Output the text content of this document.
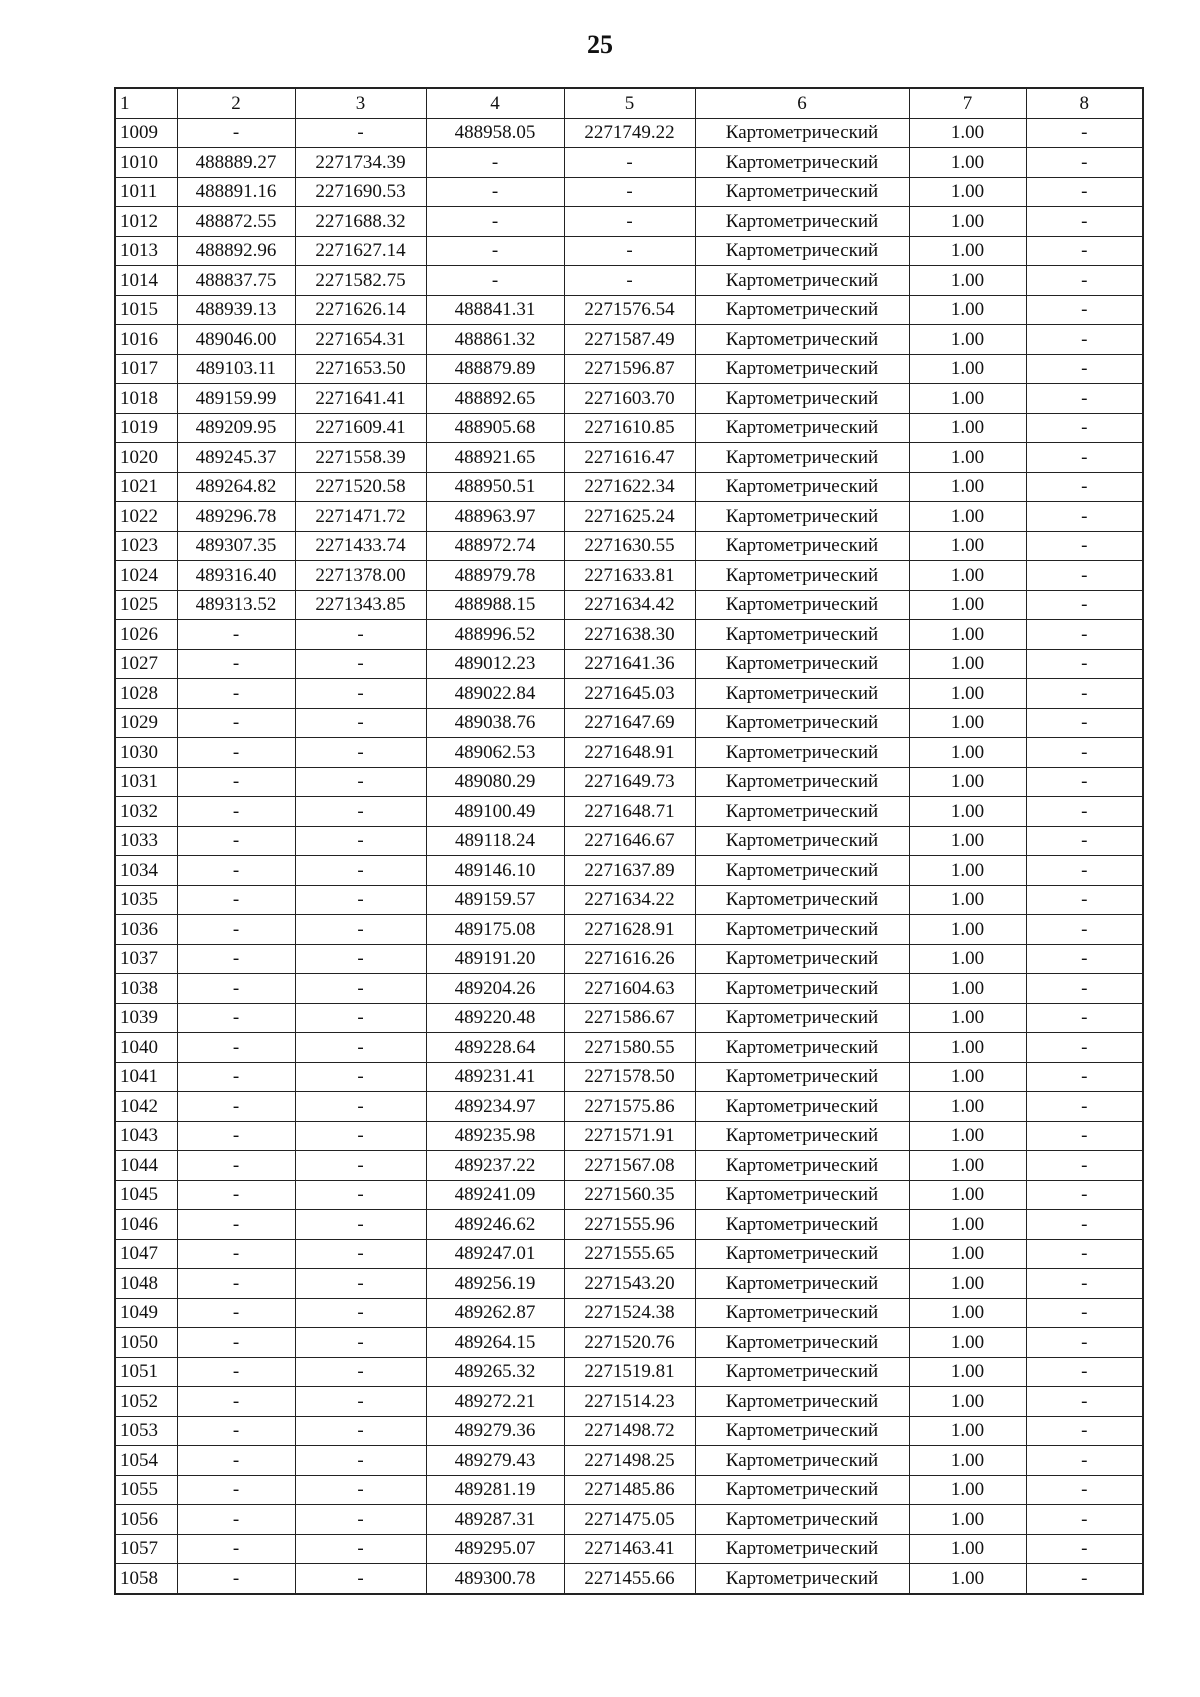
25
1	2	3	4	5	6	7	8
1009	-	-	488958.05	2271749.22	Картометрический	1.00	-
1010	488889.27	2271734.39	-	-	Картометрический	1.00	-
1011	488891.16	2271690.53	-	-	Картометрический	1.00	-
1012	488872.55	2271688.32	-	-	Картометрический	1.00	-
1013	488892.96	2271627.14	-	-	Картометрический	1.00	-
1014	488837.75	2271582.75	-	-	Картометрический	1.00	-
1015	488939.13	2271626.14	488841.31	2271576.54	Картометрический	1.00	-
1016	489046.00	2271654.31	488861.32	2271587.49	Картометрический	1.00	-
1017	489103.11	2271653.50	488879.89	2271596.87	Картометрический	1.00	-
1018	489159.99	2271641.41	488892.65	2271603.70	Картометрический	1.00	-
1019	489209.95	2271609.41	488905.68	2271610.85	Картометрический	1.00	-
1020	489245.37	2271558.39	488921.65	2271616.47	Картометрический	1.00	-
1021	489264.82	2271520.58	488950.51	2271622.34	Картометрический	1.00	-
1022	489296.78	2271471.72	488963.97	2271625.24	Картометрический	1.00	-
1023	489307.35	2271433.74	488972.74	2271630.55	Картометрический	1.00	-
1024	489316.40	2271378.00	488979.78	2271633.81	Картометрический	1.00	-
1025	489313.52	2271343.85	488988.15	2271634.42	Картометрический	1.00	-
1026	-	-	488996.52	2271638.30	Картометрический	1.00	-
1027	-	-	489012.23	2271641.36	Картометрический	1.00	-
1028	-	-	489022.84	2271645.03	Картометрический	1.00	-
1029	-	-	489038.76	2271647.69	Картометрический	1.00	-
1030	-	-	489062.53	2271648.91	Картометрический	1.00	-
1031	-	-	489080.29	2271649.73	Картометрический	1.00	-
1032	-	-	489100.49	2271648.71	Картометрический	1.00	-
1033	-	-	489118.24	2271646.67	Картометрический	1.00	-
1034	-	-	489146.10	2271637.89	Картометрический	1.00	-
1035	-	-	489159.57	2271634.22	Картометрический	1.00	-
1036	-	-	489175.08	2271628.91	Картометрический	1.00	-
1037	-	-	489191.20	2271616.26	Картометрический	1.00	-
1038	-	-	489204.26	2271604.63	Картометрический	1.00	-
1039	-	-	489220.48	2271586.67	Картометрический	1.00	-
1040	-	-	489228.64	2271580.55	Картометрический	1.00	-
1041	-	-	489231.41	2271578.50	Картометрический	1.00	-
1042	-	-	489234.97	2271575.86	Картометрический	1.00	-
1043	-	-	489235.98	2271571.91	Картометрический	1.00	-
1044	-	-	489237.22	2271567.08	Картометрический	1.00	-
1045	-	-	489241.09	2271560.35	Картометрический	1.00	-
1046	-	-	489246.62	2271555.96	Картометрический	1.00	-
1047	-	-	489247.01	2271555.65	Картометрический	1.00	-
1048	-	-	489256.19	2271543.20	Картометрический	1.00	-
1049	-	-	489262.87	2271524.38	Картометрический	1.00	-
1050	-	-	489264.15	2271520.76	Картометрический	1.00	-
1051	-	-	489265.32	2271519.81	Картометрический	1.00	-
1052	-	-	489272.21	2271514.23	Картометрический	1.00	-
1053	-	-	489279.36	2271498.72	Картометрический	1.00	-
1054	-	-	489279.43	2271498.25	Картометрический	1.00	-
1055	-	-	489281.19	2271485.86	Картометрический	1.00	-
1056	-	-	489287.31	2271475.05	Картометрический	1.00	-
1057	-	-	489295.07	2271463.41	Картометрический	1.00	-
1058	-	-	489300.78	2271455.66	Картометрический	1.00	-
